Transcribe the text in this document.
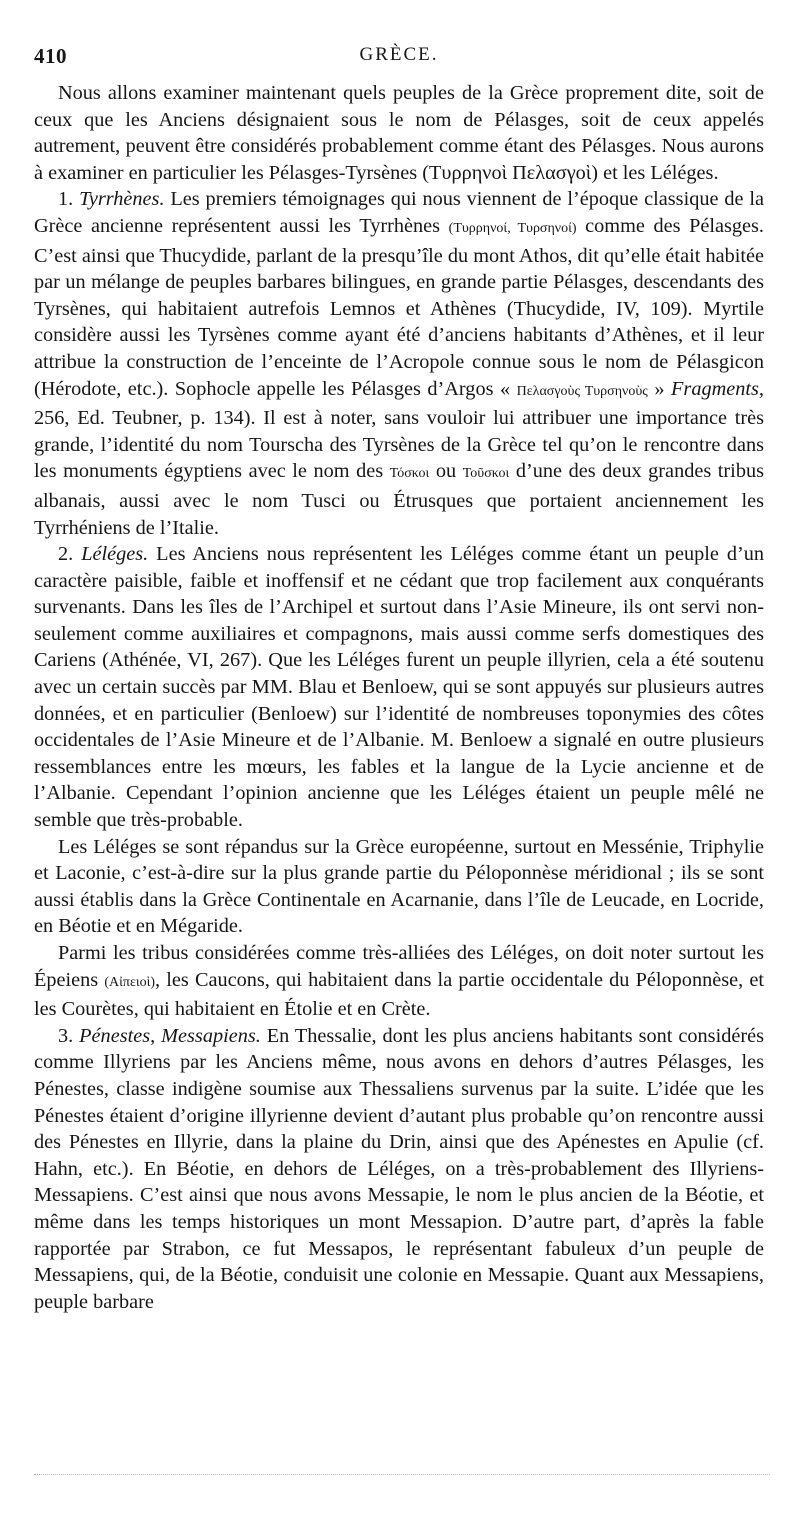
410	GRÈCE.

Nous allons examiner maintenant quels peuples de la Grèce proprement dite, soit de ceux que les Anciens désignaient sous le nom de Pélasges, soit de ceux appelés autrement, peuvent être considérés probablement comme étant des Pélasges. Nous aurons à examiner en particulier les Pélasges-Tyrsènes (Τυρρηνοὶ Πελασγοὶ) et les Léléges.

1. Tyrrhènes. Les premiers témoignages qui nous viennent de l’époque classique de la Grèce ancienne représentent aussi les Tyrrhènes (Τυρρηνοί, Τυρσηνοί) comme des Pélasges. C’est ainsi que Thucydide, parlant de la presqu’île du mont Athos, dit qu’elle était habitée par un mélange de peuples barbares bilingues, en grande partie Pélasges, descendants des Tyrsènes, qui habitaient autrefois Lemnos et Athènes (Thucydide, IV, 109). Myrtile considère aussi les Tyrsènes comme ayant été d’anciens habitants d’Athènes, et il leur attribue la construction de l’enceinte de l’Acropole connue sous le nom de Pélasgicon (Hérodote, etc.). Sophocle appelle les Pélasges d’Argos « Πελασγοὺς Τυρσηνοὺς » Fragments, 256, Ed. Teubner, p. 134). Il est à noter, sans vouloir lui attribuer une importance très grande, l’identité du nom Tourscha des Tyrsènes de la Grèce tel qu’on le rencontre dans les monuments égyptiens avec le nom des Τόσκοι ou Τοῦσκοι d’une des deux grandes tribus albanais, aussi avec le nom Tusci ou Étrusques que portaient anciennement les Tyrrhéniens de l’Italie.

2. Léléges. Les Anciens nous représentent les Léléges comme étant un peuple d’un caractère paisible, faible et inoffensif et ne cédant que trop facilement aux conquérants survenants. Dans les îles de l’Archipel et surtout dans l’Asie Mineure, ils ont servi non-seulement comme auxiliaires et compagnons, mais aussi comme serfs domestiques des Cariens (Athénée, VI, 267). Que les Léléges furent un peuple illyrien, cela a été soutenu avec un certain succès par MM. Blau et Benloew, qui se sont appuyés sur plusieurs autres données, et en particulier (Benloew) sur l’identité de nombreuses toponymies des côtes occidentales de l’Asie Mineure et de l’Albanie. M. Benloew a signalé en outre plusieurs ressemblances entre les mœurs, les fables et la langue de la Lycie ancienne et de l’Albanie. Cependant l’opinion ancienne que les Léléges étaient un peuple mêlé ne semble que très-probable.

Les Léléges se sont répandus sur la Grèce européenne, surtout en Messénie, Triphylie et Laconie, c’est-à-dire sur la plus grande partie du Péloponnèse méridional ; ils se sont aussi établis dans la Grèce Continentale en Acarnanie, dans l’île de Leucade, en Locride, en Béotie et en Mégaride.

Parmi les tribus considérées comme très-alliées des Léléges, on doit noter surtout les Épeiens (Αἰπειοὶ), les Caucons, qui habitaient dans la partie occidentale du Péloponnèse, et les Courètes, qui habitaient en Étolie et en Crète.

3. Pénestes, Messapiens. En Thessalie, dont les plus anciens habitants sont considérés comme Illyriens par les Anciens même, nous avons en dehors d’autres Pélasges, les Pénestes, classe indigène soumise aux Thessaliens survenus par la suite. L’idée que les Pénestes étaient d’origine illyrienne devient d’autant plus probable qu’on rencontre aussi des Pénestes en Illyrie, dans la plaine du Drin, ainsi que des Apénestes en Apulie (cf. Hahn, etc.). En Béotie, en dehors de Léléges, on a très-probablement des Illyriens-Messapiens. C’est ainsi que nous avons Messapie, le nom le plus ancien de la Béotie, et même dans les temps historiques un mont Messapion. D’autre part, d’après la fable rapportée par Strabon, ce fut Messapos, le représentant fabuleux d’un peuple de Messapiens, qui, de la Béotie, conduisit une colonie en Messapie. Quant aux Messapiens, peuple barbare
